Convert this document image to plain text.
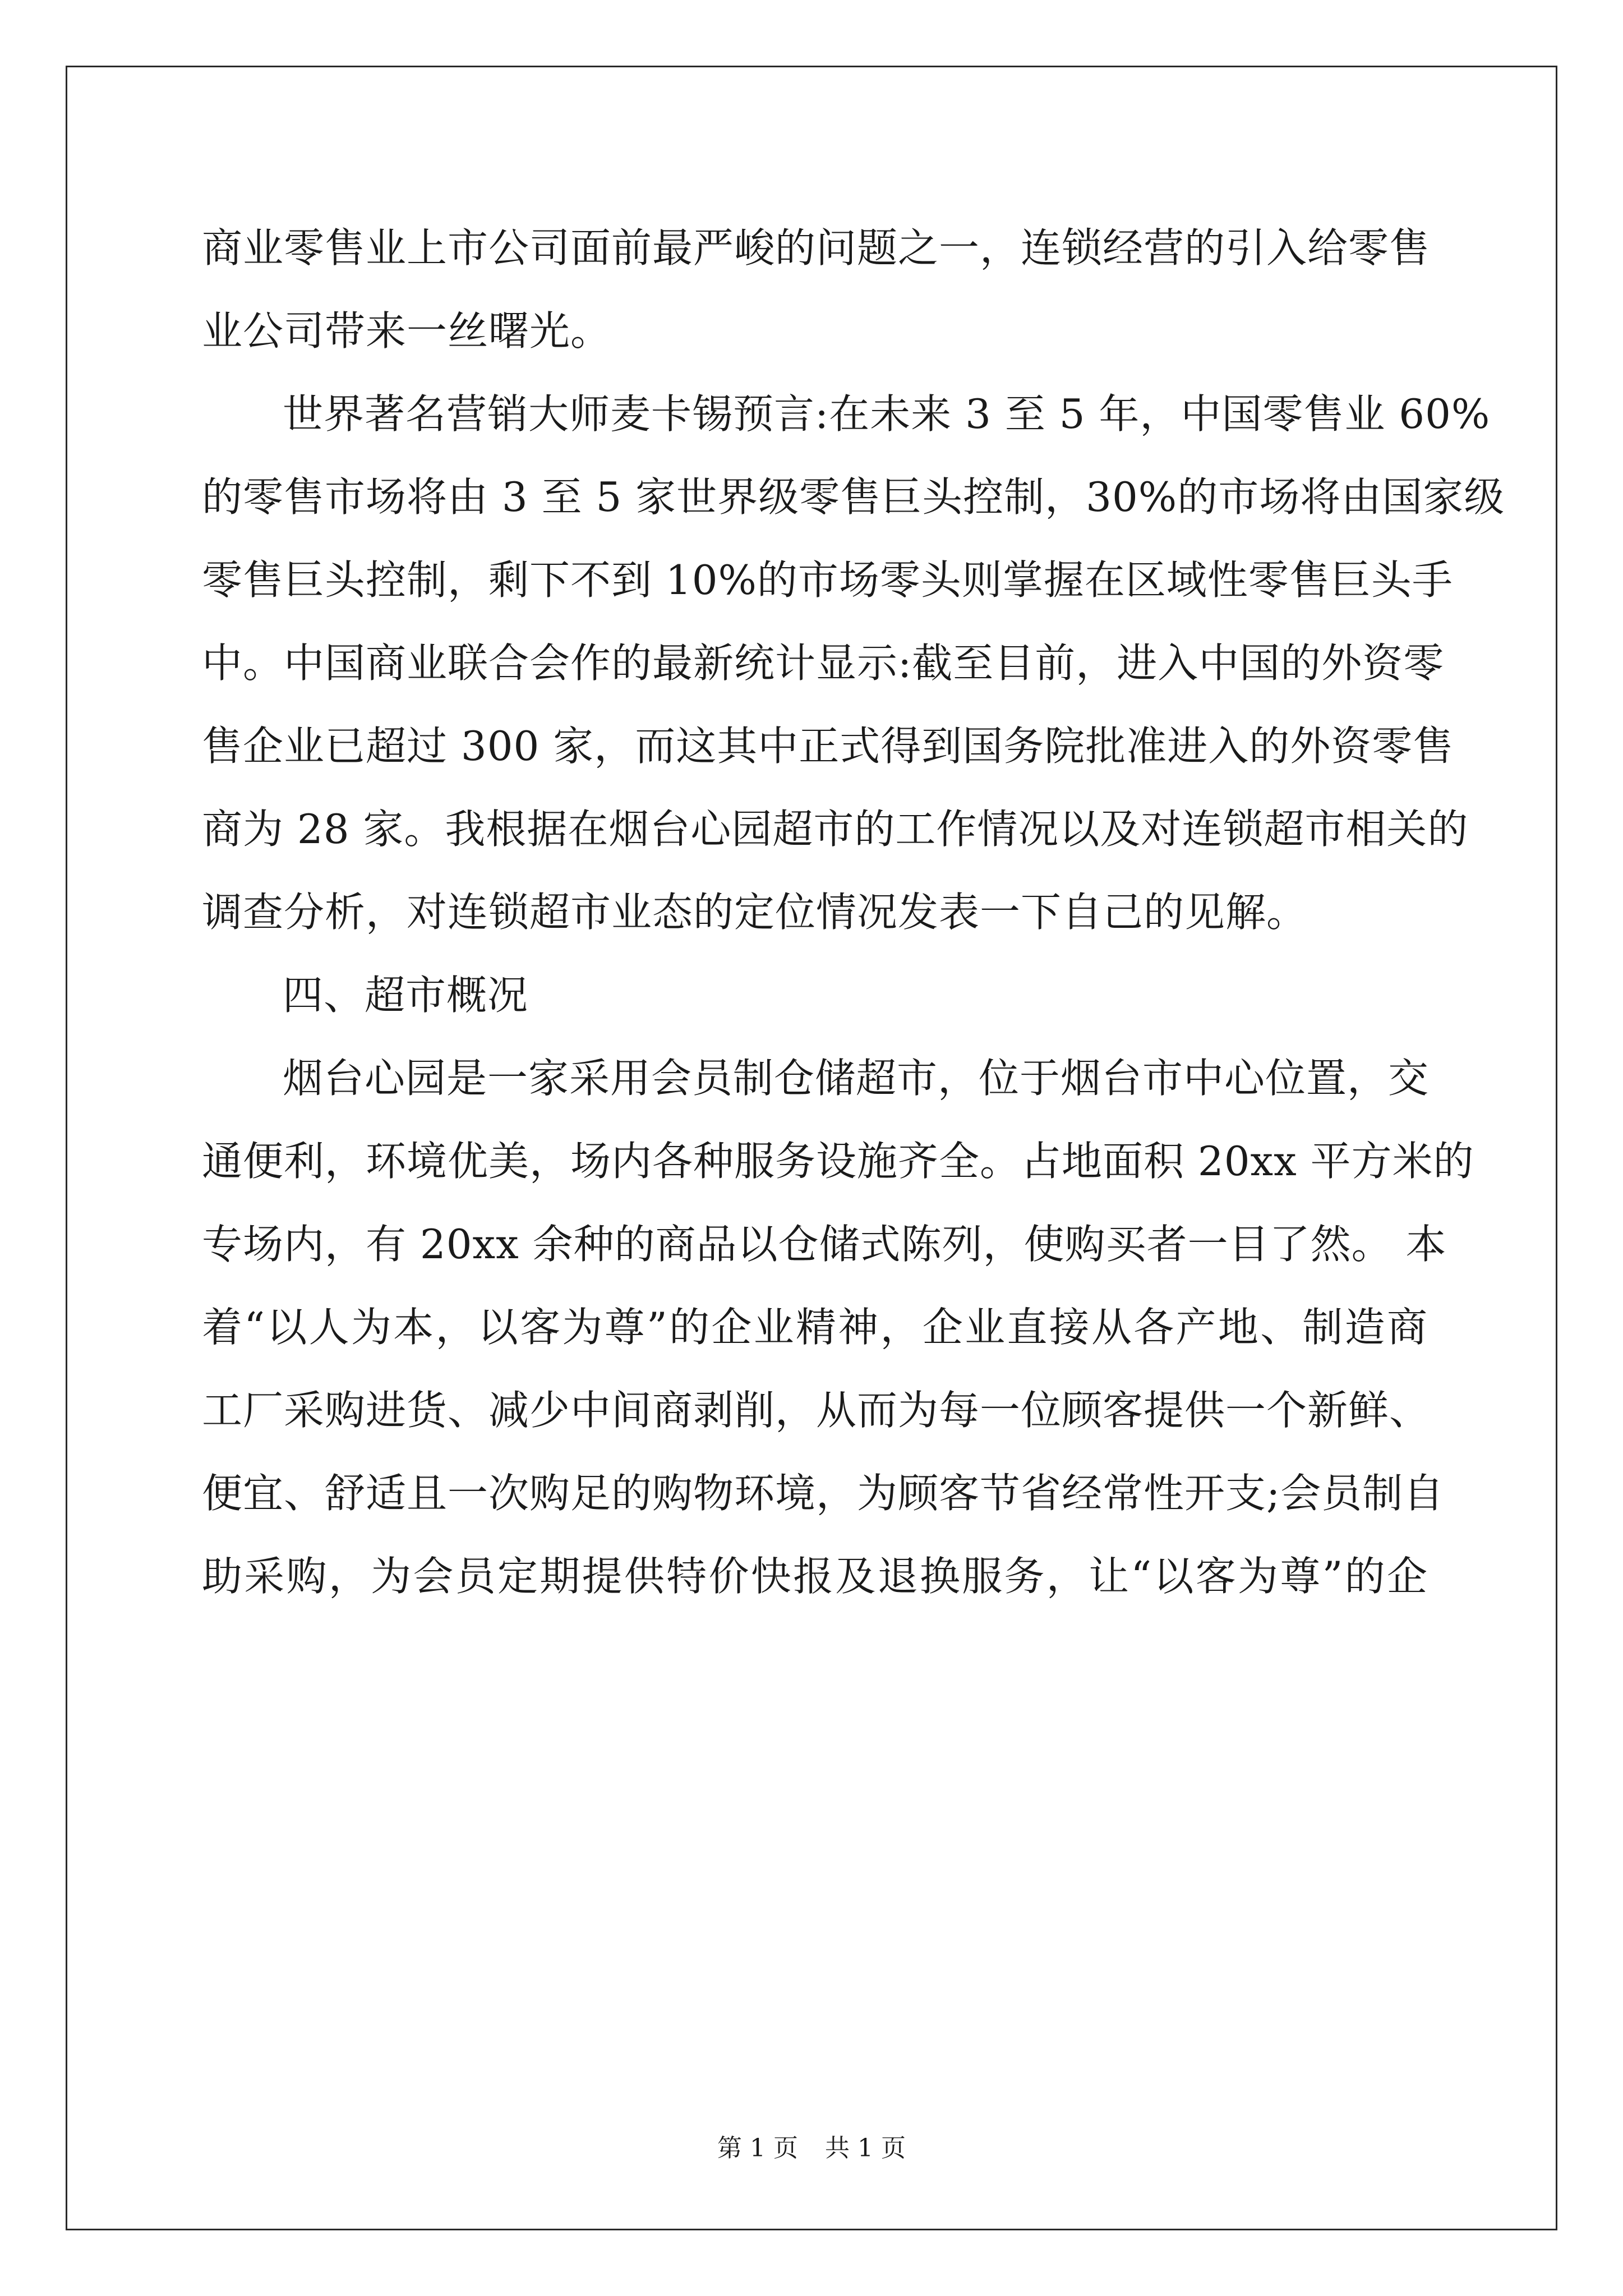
商业零售业上市公司面前最严峻的问题之一，连锁经营的引入给零售
业公司带来一丝曙光。
世界著名营销大师麦卡锡预言:在未来 3 至 5 年，中国零售业 60%
的零售市场将由 3 至 5 家世界级零售巨头控制，30%的市场将由国家级
零售巨头控制，剩下不到 10%的市场零头则掌握在区域性零售巨头手
中。中国商业联合会作的最新统计显示:截至目前，进入中国的外资零
售企业已超过 300 家，而这其中正式得到国务院批准进入的外资零售
商为 28 家。我根据在烟台心园超市的工作情况以及对连锁超市相关的
调查分析，对连锁超市业态的定位情况发表一下自己的见解。
四、超市概况
烟台心园是一家采用会员制仓储超市，位于烟台市中心位置，交
通便利，环境优美，场内各种服务设施齐全。占地面积 20xx 平方米的
专场内，有 20xx 余种的商品以仓储式陈列，使购买者一目了然。 本
着“以人为本，以客为尊”的企业精神，企业直接从各产地、制造商
工厂采购进货、减少中间商剥削，从而为每一位顾客提供一个新鲜、
便宜、舒适且一次购足的购物环境，为顾客节省经常性开支;会员制自
助采购，为会员定期提供特价快报及退换服务，让“以客为尊”的企
第 1 页 共 1 页
